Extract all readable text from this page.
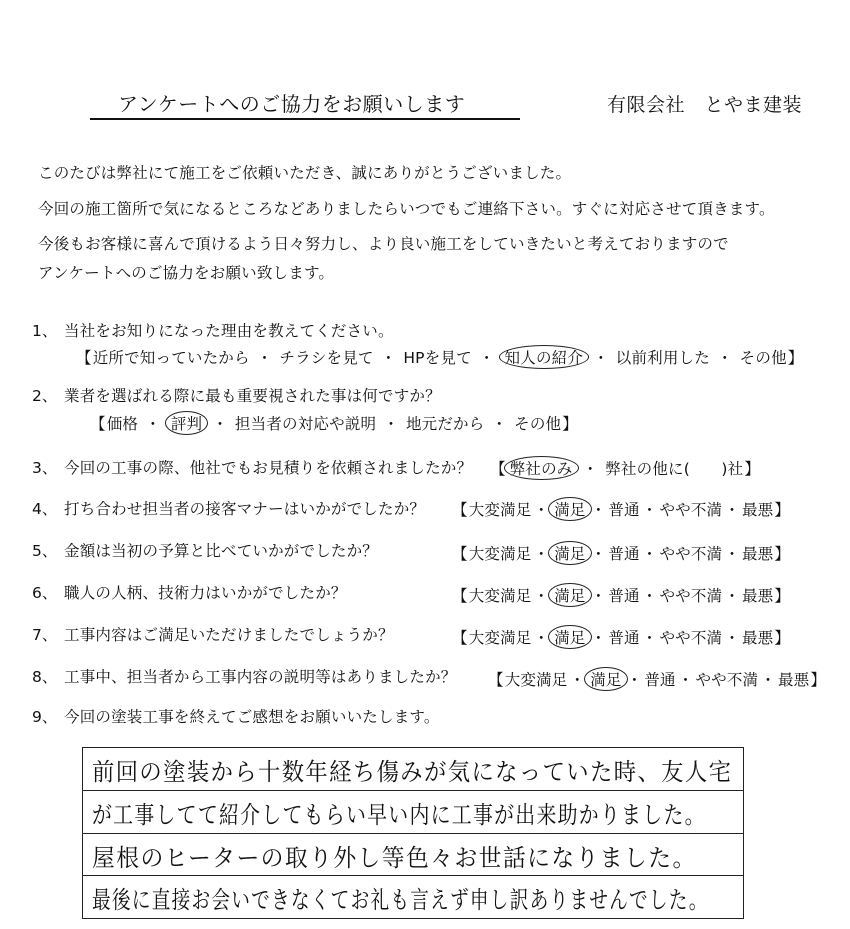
アンケートへのご協力をお願いします	有限会社　とやま建装
このたびは弊社にて施工をご依頼いただき、誠にありがとうございました。
今回の施工箇所で気になるところなどありましたらいつでもご連絡下さい。すぐに対応させて頂きます。
今後もお客様に喜んで頂けるよう日々努力し、より良い施工をしていきたいと考えておりますので
アンケートへのご協力をお願い致します。
1、 当社をお知りになった理由を教えてください。
【近所で知っていたから ・ チラシを見て ・ HPを見て ・ 知人の紹介 ・ 以前利用した ・ その他】
2、 業者を選ばれる際に最も重要視された事は何ですか？
【価格 ・ 評判 ・ 担当者の対応や説明 ・ 地元だから ・ その他】
3、 今回の工事の際、他社でもお見積りを依頼されましたか？ 【 弊社のみ ・ 弊社の他に(　　)社】
4、 打ち合わせ担当者の接客マナーはいかがでしたか？ 【大変満足 ・ 満足 ・ 普通 ・ やや不満 ・ 最悪】
5、 金額は当初の予算と比べていかがでしたか？	【大変満足 ・ 満足 ・ 普通 ・ やや不満 ・ 最悪】
6、 職人の人柄、技術力はいかがでしたか？	【大変満足 ・ 満足 ・ 普通 ・ やや不満 ・ 最悪】
7、 工事内容はご満足いただけましたでしょうか？	【大変満足 ・ 満足 ・ 普通 ・ やや不満 ・ 最悪】
8、 工事中、担当者から工事内容の説明等はありましたか？ 【大変満足 ・ 満足 ・ 普通 ・ やや不満 ・ 最悪】
9、 今回の塗装工事を終えてご感想をお願いいたします。
前回の塗装から十数年経ち傷みが気になっていた時、友人宅
が工事してて紹介してもらい早い内に工事が出来助かりました。
屋根のヒーターの取り外し等色々お世話になりました。
最後に直接お会いできなくてお礼も言えず申し訳ありませんでした。
